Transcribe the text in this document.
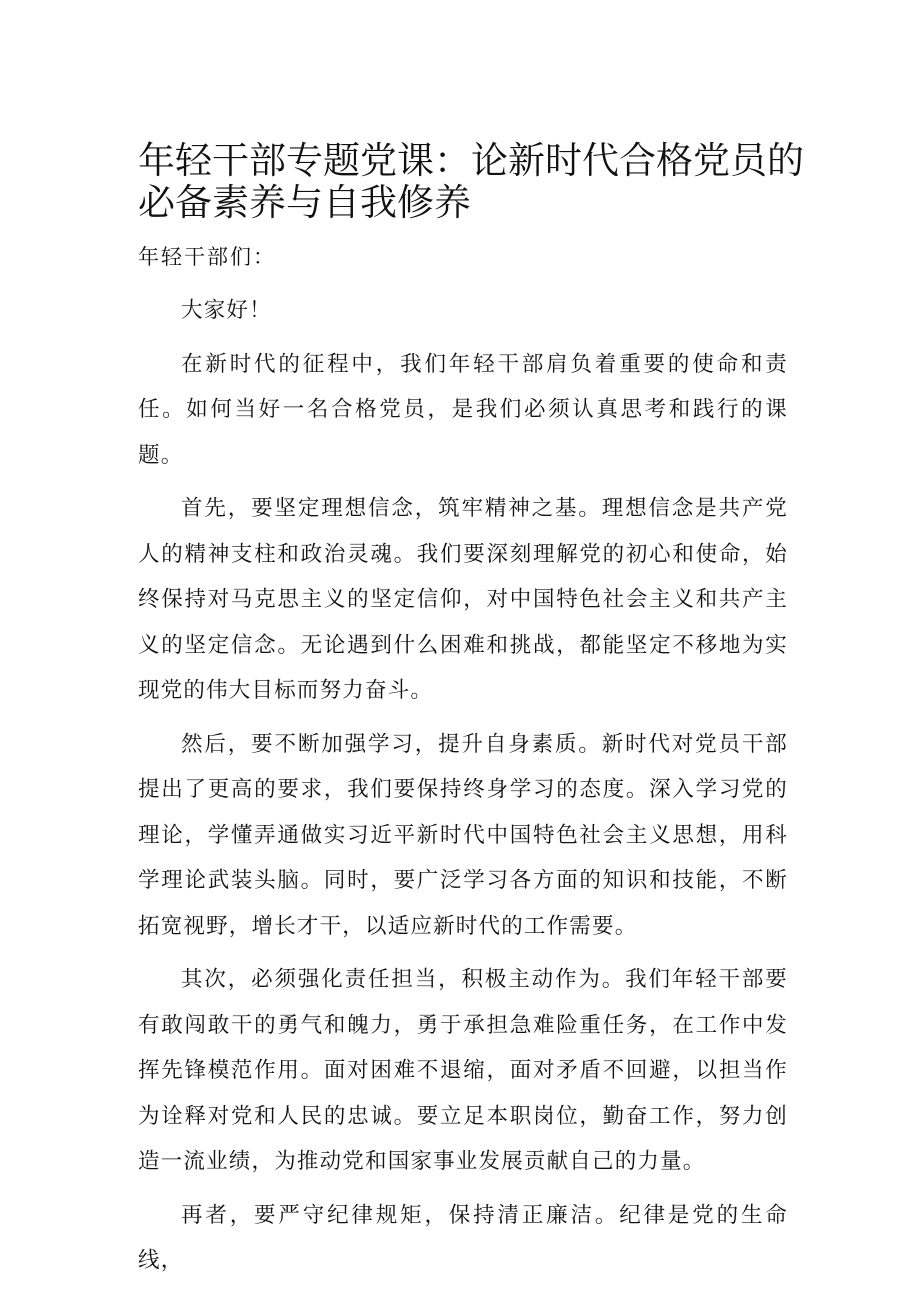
年轻干部专题党课：论新时代合格党员的必备素养与自我修养
年轻干部们：

大家好！

在新时代的征程中，我们年轻干部肩负着重要的使命和责任。如何当好一名合格党员，是我们必须认真思考和践行的课题。

首先，要坚定理想信念，筑牢精神之基。理想信念是共产党人的精神支柱和政治灵魂。我们要深刻理解党的初心和使命，始终保持对马克思主义的坚定信仰，对中国特色社会主义和共产主义的坚定信念。无论遇到什么困难和挑战，都能坚定不移地为实现党的伟大目标而努力奋斗。

然后，要不断加强学习，提升自身素质。新时代对党员干部提出了更高的要求，我们要保持终身学习的态度。深入学习党的理论，学懂弄通做实习近平新时代中国特色社会主义思想，用科学理论武装头脑。同时，要广泛学习各方面的知识和技能，不断拓宽视野，增长才干，以适应新时代的工作需要。

其次，必须强化责任担当，积极主动作为。我们年轻干部要有敢闯敢干的勇气和魄力，勇于承担急难险重任务，在工作中发挥先锋模范作用。面对困难不退缩，面对矛盾不回避，以担当作为诠释对党和人民的忠诚。要立足本职岗位，勤奋工作，努力创造一流业绩，为推动党和国家事业发展贡献自己的力量。

再者，要严守纪律规矩，保持清正廉洁。纪律是党的生命线，
